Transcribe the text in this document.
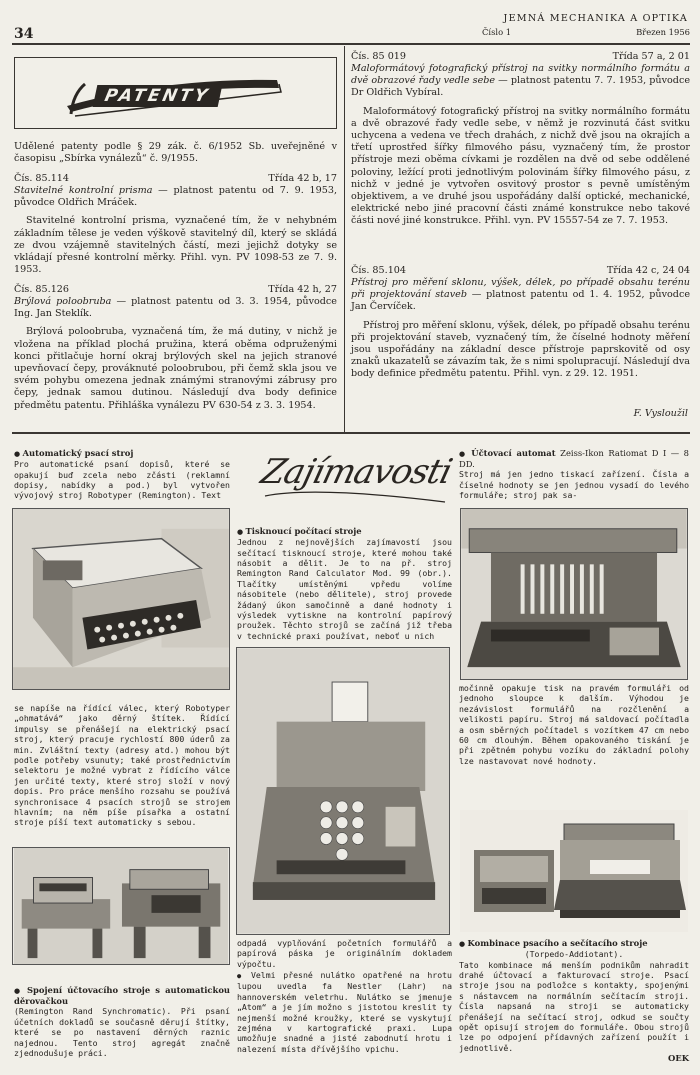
34
JEMNÁ MECHANIKA A OPTIKA
Číslo 1	Březen 1956
PATENTY

Udělené patenty podle § 29 zák. č. 6/1952 Sb. uveřejněné v časopisu „Sbírka vynálezů“ č. 9/1955.

Čís. 85.114	Třída 42 b, 17

Stavitelné kontrolní prisma — platnost patentu od 7. 9. 1953, původce Oldřich Mráček.

Stavitelné kontrolní prisma, vyznačené tím, že v nehybném základním tělese je veden výškově stavitelný díl, který se skládá ze dvou vzájemně stavitelných částí, mezi jejichž dotyky se vkládají přesné kontrolní měrky. Přihl. vyn. PV 1098-53 ze 7. 9. 1953.

Čís. 85.126	Třída 42 h, 27

Brýlová poloobruba — platnost patentu od 3. 3. 1954, původce Ing. Jan Steklík.

Brýlová poloobruba, vyznačená tím, že má dutiny, v nichž je vložena na příklad plochá pružina, která oběma odpruženými konci přitlačuje horní okraj brýlových skel na jejich stranové upevňovací čepy, prováknuté poloobrubou, při čemž skla jsou ve svém pohybu omezena jednak známými stranovými zábrusy pro čepy, jednak samou dutinou. Následují dva body definice předmětu patentu. Přihláška vynálezu PV 630-54 z 3. 3. 1954.

Čís. 85 019	Třída 57 a, 2 01

Maloformátový fotografický přístroj na svitky normálního formátu a dvě obrazové řady vedle sebe — platnost patentu 7. 7. 1953, původce Dr Oldřich Vybíral.

Maloformátový fotografický přístroj na svitky normálního formátu a dvě obrazové řady vedle sebe, v němž je rozvinutá část svitku uchycena a vedena ve třech drahách, z nichž dvě jsou na okrajích a třetí uprostřed šířky filmového pásu, vyznačený tím, že prostor přístroje mezi oběma cívkami je rozdělen na dvě od sebe oddělené poloviny, ležící proti jednotlivým polovinám šířky filmového pásu, z nichž v jedné je vytvořen osvitový prostor s pevně umístěným objektivem, a ve druhé jsou uspořádány další optické, mechanické, elektrické nebo jiné pracovní části známé konstrukce nebo takové části nové jiné konstrukce. Přihl. vyn. PV 15557-54 ze 7. 7. 1953.

Čís. 85.104	Třída 42 c, 24 04

Přístroj pro měření sklonu, výšek, délek, po případě obsahu terénu při projektování staveb — platnost patentu od 1. 4. 1952, původce Jan Červíček.

Přístroj pro měření sklonu, výšek, délek, po případě obsahu terénu při projektování staveb, vyznačený tím, že číselné hodnoty měření jsou uspořádány na základní desce přístroje paprskovitě od osy znaků ukazatelů se závazím tak, že s nimi spolupracují. Následují dva body definice předmětu patentu. Přihl. vyn. z 29. 12. 1951.

F. Vysloužil
● Automatický psací stroj
Pro automatické psaní dopisů, které se opakují buď zcela nebo zčásti (reklamní dopisy, nabídky a pod.) byl vytvořen vývojový stroj Robotyper (Remington). Text
se napíše na řídící válec, který Robotyper „ohmatává“ jako děrný štítek. Řídící impulsy se přenášejí na elektrický psací stroj, který pracuje rychlostí 800 úderů za min. Zvláštní texty (adresy atd.) mohou být podle potřeby vsunuty; také prostřednictvím selektoru je možné vybrat z řídícího válce jen určité texty, které stroj složí v nový dopis. Pro práce menšího rozsahu se používá synchronisace 4 psacích strojů se strojem hlavním; na něm píše písařka a ostatní stroje píší text automaticky s sebou.
● Spojení účtovacího stroje s automatickou děrovačkou
(Remington Rand Synchromatic). Při psaní účetních dokladů se současně děrují štítky, které se po nastavení děrných raznic najednou. Tento stroj agregát značně zjednodušuje práci.
Zajímavosti
● Tisknoucí počítací stroje
Jednou z nejnovějších zajímavostí jsou sečítací tisknoucí stroje, které mohou také násobit a dělit. Je to na př. stroj Remington Rand Calculator Mod. 99 (obr.). Tlačítky umístěnými vpředu volíme násobitele (nebo dělitele), stroj provede žádaný úkon samočinně a dané hodnoty i výsledek vytiskne na kontrolní papírový proužek. Těchto strojů se začíná již třeba v technické praxi používat, neboť u nich
odpadá vyplňování početních formulářů a papírová páska je originálním dokladem výpočtu.
● Velmi přesné nulátko opatřené na hrotu lupou uvedla fa Nestler (Lahr) na hannoverském veletrhu. Nulátko se jmenuje „Atom“ a je jím možno s jistotou kreslit ty nejmenší možné kroužky, které se vyskytují zejména v kartografické praxi. Lupa umožňuje snadné a jisté zabodnutí hrotu i nalezení místa dřívějšího vpichu.
● Účtovací automat Zeiss-Ikon Ratiomat D I — 8 DD.
Stroj má jen jedno tiskací zařízení. Čísla a číselné hodnoty se jen jednou vysadí do levého formuláře; stroj pak sa-
močinně opakuje tisk na pravém formuláři od jednoho sloupce k dalším. Výhodou je nezávislost formulářů na rozčlenění a velikosti papíru. Stroj má saldovací počítadla a osm sběrných počítadel s vozítkem 47 cm nebo 60 cm dlouhým. Během opakovaného tiskání je při zpětném pohybu vozíku do základní polohy lze nastavovat nové hodnoty.
● Kombinace psacího a sečítacího stroje
(Torpedo-Addiotant).
Tato kombinace má menším podnikům nahradit drahé účtovací a fakturovací stroje. Psací stroje jsou na podložce s kontakty, spojenými s nástavcem na normálním sečítacím stroji. Čísla napsaná na stroji se automaticky přenášejí na sečítací stroj, odkud se součty opět opisují strojem do formuláře. Obou strojů lze po odpojení přídavných zařízení použít i jednotlivě.
OEK
